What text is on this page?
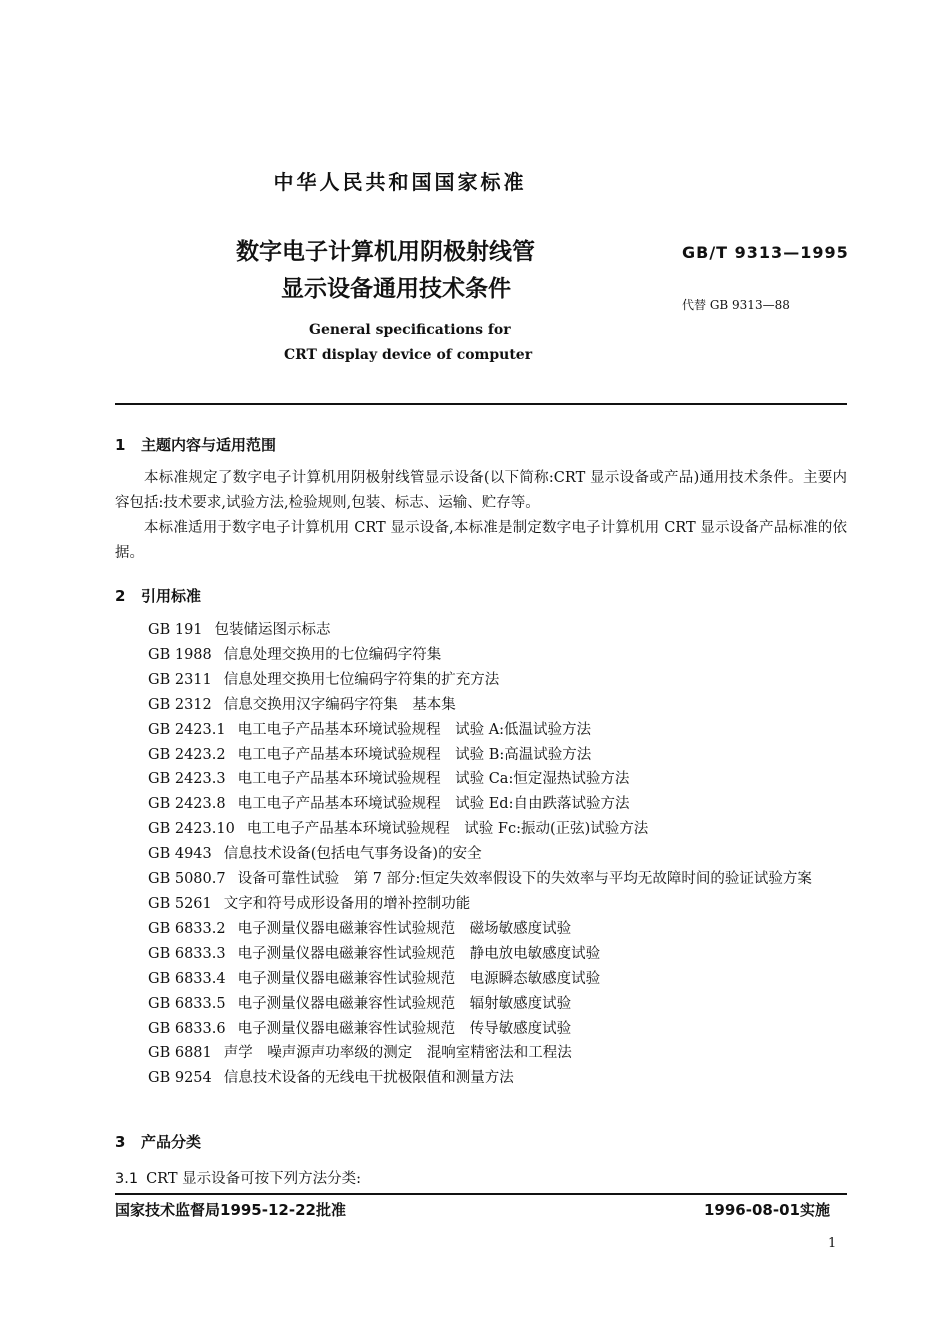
中华人民共和国国家标准
数字电子计算机用阴极射线管
显示设备通用技术条件
GB/T 9313—1995
代替 GB 9313—88
General specifications for
CRT display device of computer
1 主题内容与适用范围

本标准规定了数字电子计算机用阴极射线管显示设备(以下简称:CRT 显示设备或产品)通用技术条件。主要内容包括:技术要求,试验方法,检验规则,包装、标志、运输、贮存等。

本标准适用于数字电子计算机用 CRT 显示设备,本标准是制定数字电子计算机用 CRT 显示设备产品标准的依据。

2 引用标准
GB 191 包装储运图示标志
GB 1988 信息处理交换用的七位编码字符集
GB 2311 信息处理交换用七位编码字符集的扩充方法
GB 2312 信息交换用汉字编码字符集　基本集
GB 2423.1 电工电子产品基本环境试验规程　试验 A:低温试验方法
GB 2423.2 电工电子产品基本环境试验规程　试验 B:高温试验方法
GB 2423.3 电工电子产品基本环境试验规程　试验 Ca:恒定湿热试验方法
GB 2423.8 电工电子产品基本环境试验规程　试验 Ed:自由跌落试验方法
GB 2423.10 电工电子产品基本环境试验规程　试验 Fc:振动(正弦)试验方法
GB 4943 信息技术设备(包括电气事务设备)的安全
GB 5080.7 设备可靠性试验　第 7 部分:恒定失效率假设下的失效率与平均无故障时间的验证试验方案
GB 5261 文字和符号成形设备用的增补控制功能
GB 6833.2 电子测量仪器电磁兼容性试验规范　磁场敏感度试验
GB 6833.3 电子测量仪器电磁兼容性试验规范　静电放电敏感度试验
GB 6833.4 电子测量仪器电磁兼容性试验规范　电源瞬态敏感度试验
GB 6833.5 电子测量仪器电磁兼容性试验规范　辐射敏感度试验
GB 6833.6 电子测量仪器电磁兼容性试验规范　传导敏感度试验
GB 6881 声学　噪声源声功率级的测定　混响室精密法和工程法
GB 9254 信息技术设备的无线电干扰极限值和测量方法
3 产品分类
3.1 CRT 显示设备可按下列方法分类:
国家技术监督局1995-12-22批准	1996-08-01实施
1
